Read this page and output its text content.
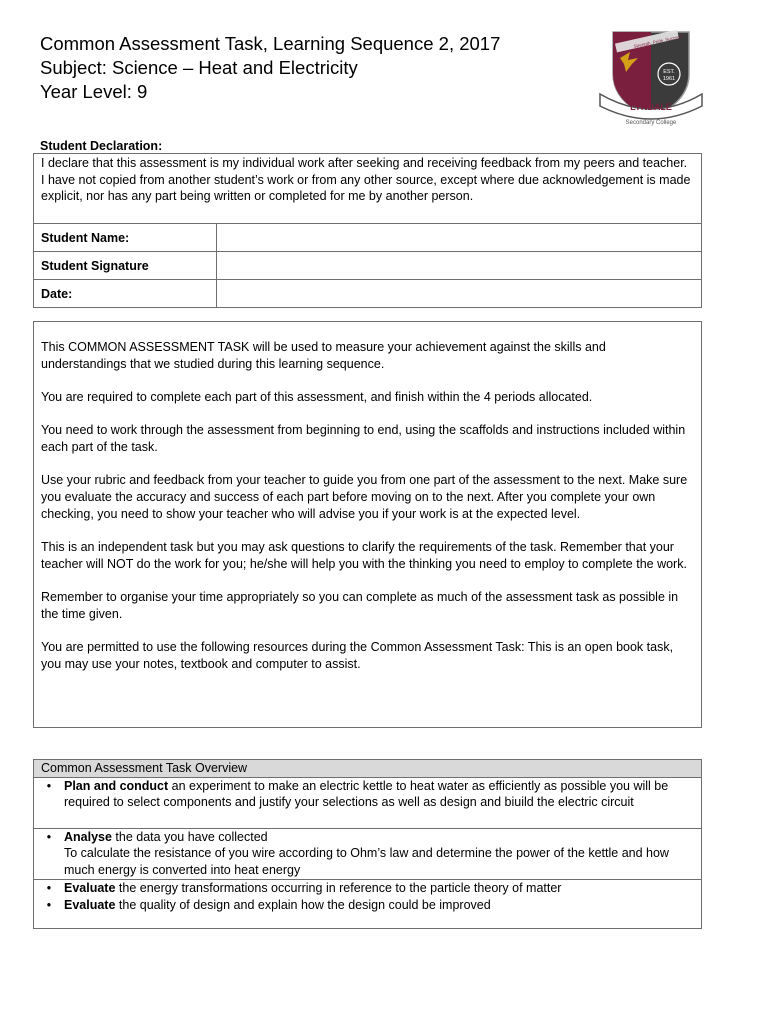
Common Assessment Task, Learning Sequence 2, 2017
Subject: Science – Heat and Electricity
Year Level: 9
Strength, Pride, Success
EST.
1961
LYNDALE
Secondary College
Student Declaration:
I declare that this assessment is my individual work after seeking and receiving feedback from my peers and teacher. I have not copied from another student’s work or from any other source, except where due acknowledgement is made explicit, nor has any part being written or completed for me by another person.	
Student Name:	
Student Signature	
Date:	

This COMMON ASSESSMENT TASK will be used to measure your achievement against the skills and understandings that we studied during this learning sequence.

You are required to complete each part of this assessment, and finish within the 4 periods allocated.

You need to work through the assessment from beginning to end, using the scaffolds and instructions included within each part of the task.

Use your rubric and feedback from your teacher to guide you from one part of the assessment to the next. Make sure you evaluate the accuracy and success of each part before moving on to the next. After you complete your own checking, you need to show your teacher who will advise you if your work is at the expected level.

This is an independent task but you may ask questions to clarify the requirements of the task. Remember that your teacher will NOT do the work for you; he/she will help you with the thinking you need to employ to complete the work.

Remember to organise your time appropriately so you can complete as much of the assessment task as possible in the time given.

You are permitted to use the following resources during the Common Assessment Task: This is an open book task, you may use your notes, textbook and computer to assist.

Common Assessment Task Overview

•	Plan and conduct an experiment to make an electric kettle to heat water as efficiently as possible you will be required to select components and justify your selections as well as design and biuild the electric circuit

•	Analyse the data you have collected
To calculate the resistance of you wire according to Ohm’s law and determine the power of the kettle and how much energy is converted into heat energy

•	Evaluate the energy transformations occurring in reference to the particle theory of matter
•	Evaluate the quality of design and explain how the design could be improved
